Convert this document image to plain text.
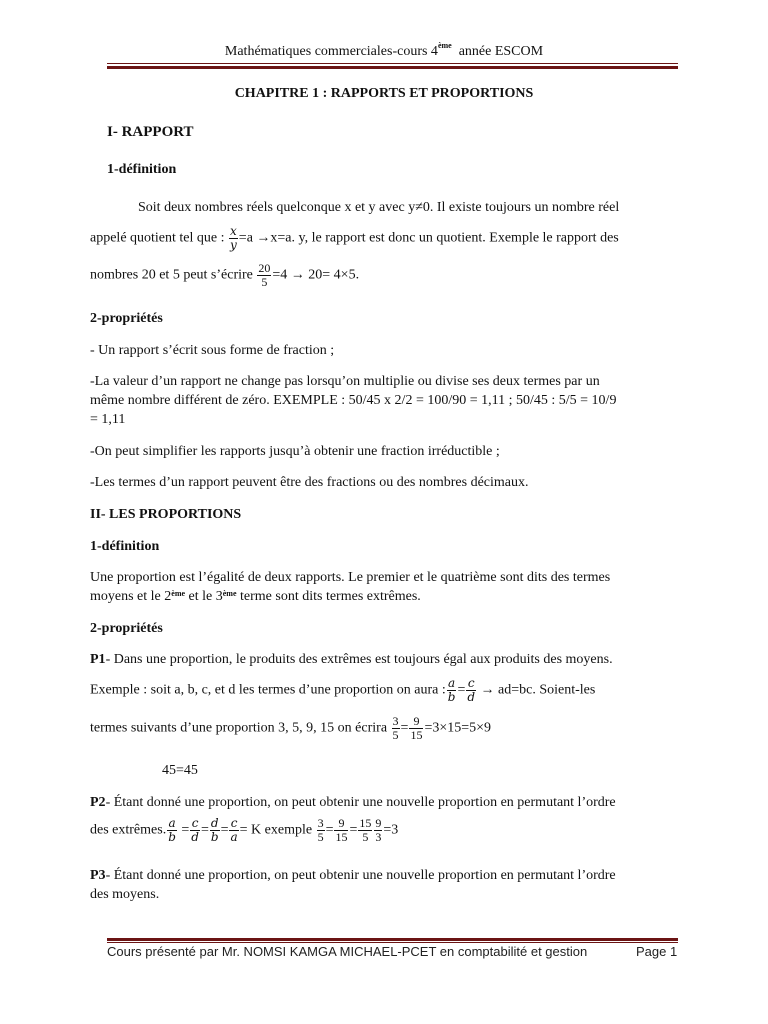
Mathématiques commerciales-cours 4ème  année ESCOM
CHAPITRE 1 : RAPPORTS ET PROPORTIONS
I- RAPPORT
1-définition
Soit deux nombres réels quelconque x et y avec y≠0. Il existe toujours un nombre réel
appelé quotient tel que : $\frac{x}{y} =a \to x=a$. y, le rapport est donc un quotient. Exemple le rapport des
nombres 20 et 5 peut s’écrire $\frac{20}{5} =4 \to 20= 4\times 5$.
2-propriétés
- Un rapport s’écrit sous forme de fraction ;
-La valeur d’un rapport ne change pas lorsqu’on multiplie ou divise ses deux termes par un
même nombre différent de zéro. EXEMPLE : 50/45 x 2/2 = 100/90 = 1,11 ; 50/45 : 5/5 = 10/9
= 1,11
-On peut simplifier les rapports jusqu’à obtenir une fraction irréductible ;
-Les termes d’un rapport peuvent être des fractions ou des nombres décimaux.
II- LES PROPORTIONS
1-définition
Une proportion est l’égalité de deux rapports. Le premier et le quatrième sont dits des termes
moyens et le 2ème et le 3ème terme sont dits termes extrêmes.
2-propriétés
P1- Dans une proportion, le produits des extrêmes est toujours égal aux produits des moyens.
Exemple : soit a, b, c, et d les termes d’une proportion on aura : $\frac{a}{b} = \frac{c}{d} \to ad=bc$. Soient-les
termes suivants d’une proportion 3, 5, 9, 15 on écrira $\frac{3}{5} = \frac{9}{15} =3\times 15=5\times 9$
45=45
P2- Étant donné une proportion, on peut obtenir une nouvelle proportion en permutant l’ordre
des extrêmes. $\frac{a}{b} = \frac{c}{d} = \frac{d}{b} = \frac{c}{a} = K$ exemple $\frac{3}{5} = \frac{9}{15} = \frac{15}{5} \frac{9}{3} =3$
P3- Étant donné une proportion, on peut obtenir une nouvelle proportion en permutant l’ordre
des moyens.
Cours présenté par Mr. NOMSI KAMGA MICHAEL-PCET en comptabilité et gestion	Page 1
